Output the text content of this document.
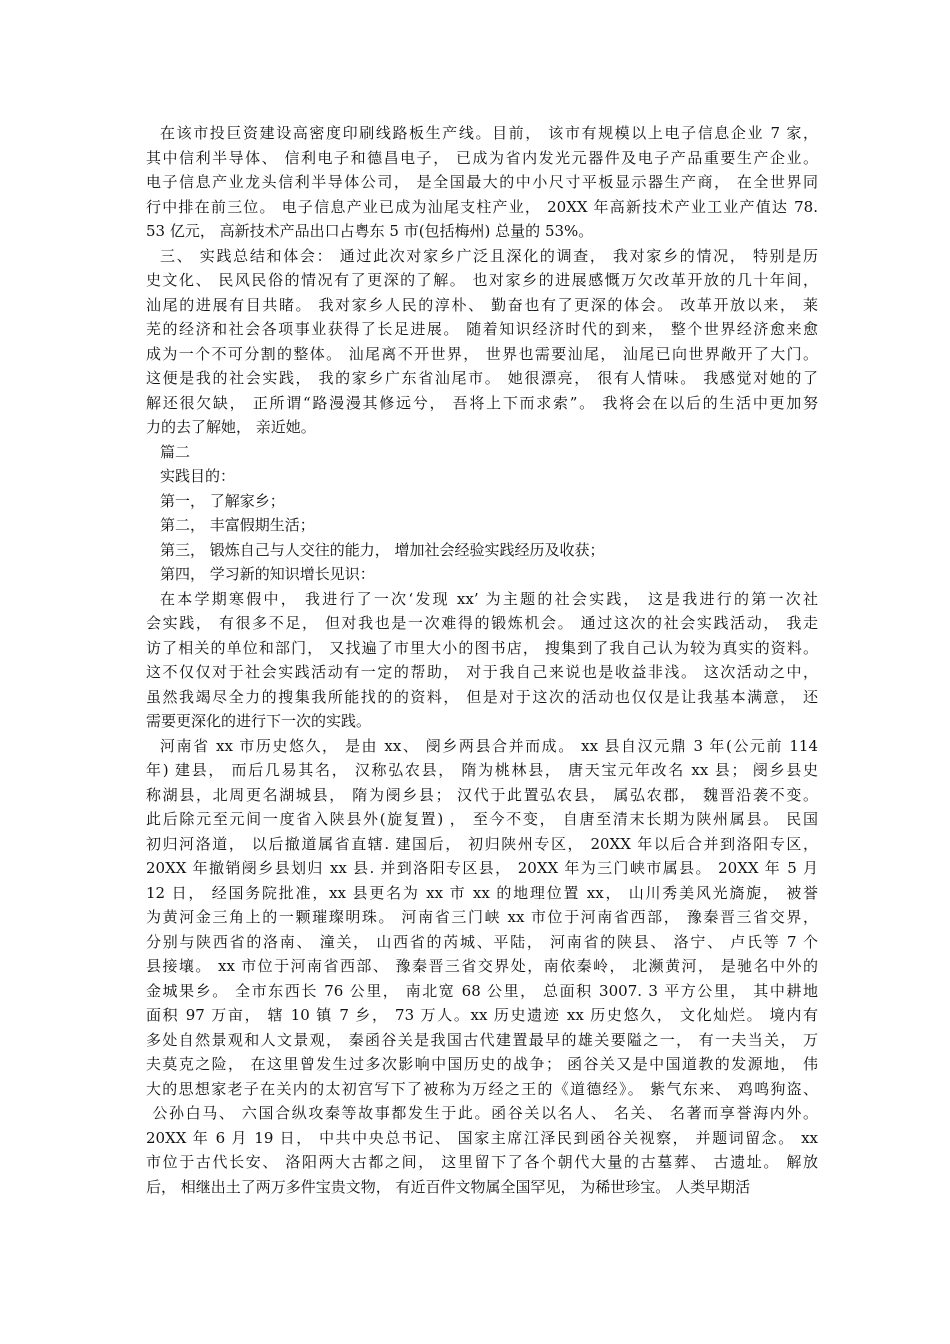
在该市投巨资建设高密度印刷线路板生产线。目前， 该市有规模以上电子信息企业 7 家，
其中信利半导体、 信利电子和德昌电子， 已成为省内发光元器件及电子产品重要生产企业。
电子信息产业龙头信利半导体公司， 是全国最大的中小尺寸平板显示器生产商， 在全世界同
行中排在前三位。 电子信息产业已成为汕尾支柱产业， 20XX 年高新技术产业工业产值达 78.
53 亿元， 高新技术产品出口占粤东 5 市(包括梅州) 总量的 53%。
三、 实践总结和体会： 通过此次对家乡广泛且深化的调查， 我对家乡的情况， 特别是历
史文化、 民风民俗的情况有了更深的了解。 也对家乡的进展感慨万欠改革开放的几十年间，
汕尾的进展有目共睹。 我对家乡人民的淳朴、 勤奋也有了更深的体会。 改革开放以来， 莱
芜的经济和社会各项事业获得了长足进展。 随着知识经济时代的到来， 整个世界经济愈来愈
成为一个不可分割的整体。 汕尾离不开世界， 世界也需要汕尾， 汕尾已向世界敞开了大门。
这便是我的社会实践， 我的家乡广东省汕尾市。 她很漂亮， 很有人情味。 我感觉对她的了
解还很欠缺， 正所谓“路漫漫其修远兮， 吾将上下而求索”。 我将会在以后的生活中更加努
力的去了解她， 亲近她。
篇二
实践目的：
第一， 了解家乡；
第二， 丰富假期生活；
第三， 锻炼自己与人交往的能力， 增加社会经验实践经历及收获；
第四， 学习新的知识增长见识：
在本学期寒假中， 我进行了一次‘发现 xx’ 为主题的社会实践， 这是我进行的第一次社
会实践， 有很多不足， 但对我也是一次难得的锻炼机会。 通过这次的社会实践活动， 我走
访了相关的单位和部门， 又找遍了市里大小的图书店， 搜集到了我自己认为较为真实的资料。
这不仅仅对于社会实践活动有一定的帮助， 对于我自己来说也是收益非浅。 这次活动之中，
虽然我竭尽全力的搜集我所能找的的资料， 但是对于这次的活动也仅仅是让我基本满意， 还
需要更深化的进行下一次的实践。
河南省 xx 市历史悠久， 是由 xx、 阌乡两县合并而成。 xx 县自汉元鼎 3 年(公元前 114
年) 建县， 而后几易其名， 汉称弘农县， 隋为桃林县， 唐天宝元年改名 xx 县； 阌乡县史
称湖县，北周更名湖城县， 隋为阌乡县； 汉代于此置弘农县， 属弘农郡， 魏晋沿袭不变。
此后除元至元间一度省入陕县外(旋复置) ， 至今不变， 自唐至清末长期为陕州属县。 民国
初归河洛道， 以后撤道属省直辖. 建国后， 初归陕州专区， 20XX 年以后合并到洛阳专区，
20XX 年撤销阌乡县划归 xx 县. 并到洛阳专区县， 20XX 年为三门峡市属县。 20XX 年 5 月
12 日， 经国务院批准，xx 县更名为 xx 市 xx 的地理位置 xx， 山川秀美风光旖旎， 被誉
为黄河金三角上的一颗璀璨明珠。 河南省三门峡 xx 市位于河南省西部， 豫秦晋三省交界，
分别与陕西省的洛南、 潼关， 山西省的芮城、平陆， 河南省的陕县、 洛宁、 卢氏等 7 个
县接壤。 xx 市位于河南省西部、 豫秦晋三省交界处，南依秦岭， 北濒黄河， 是驰名中外的
金城果乡。 全市东西长 76 公里， 南北宽 68 公里， 总面积 3007. 3 平方公里， 其中耕地
面积 97 万亩， 辖 10 镇 7 乡， 73 万人。xx 历史遗迹 xx 历史悠久， 文化灿烂。 境内有
多处自然景观和人文景观， 秦函谷关是我国古代建置最早的雄关要隘之一， 有一夫当关， 万
夫莫克之险， 在这里曾发生过多次影响中国历史的战争； 函谷关又是中国道教的发源地， 伟
大的思想家老子在关内的太初宫写下了被称为万经之王的《道德经》。 紫气东来、 鸡鸣狗盗、
公孙白马、 六国合纵攻秦等故事都发生于此。函谷关以名人、 名关、 名著而享誉海内外。
20XX 年 6 月 19 日， 中共中央总书记、 国家主席江泽民到函谷关视察， 并题词留念。 xx
市位于古代长安、 洛阳两大古都之间， 这里留下了各个朝代大量的古墓葬、 古遗址。 解放
后， 相继出土了两万多件宝贵文物， 有近百件文物属全国罕见， 为稀世珍宝。 人类早期活
